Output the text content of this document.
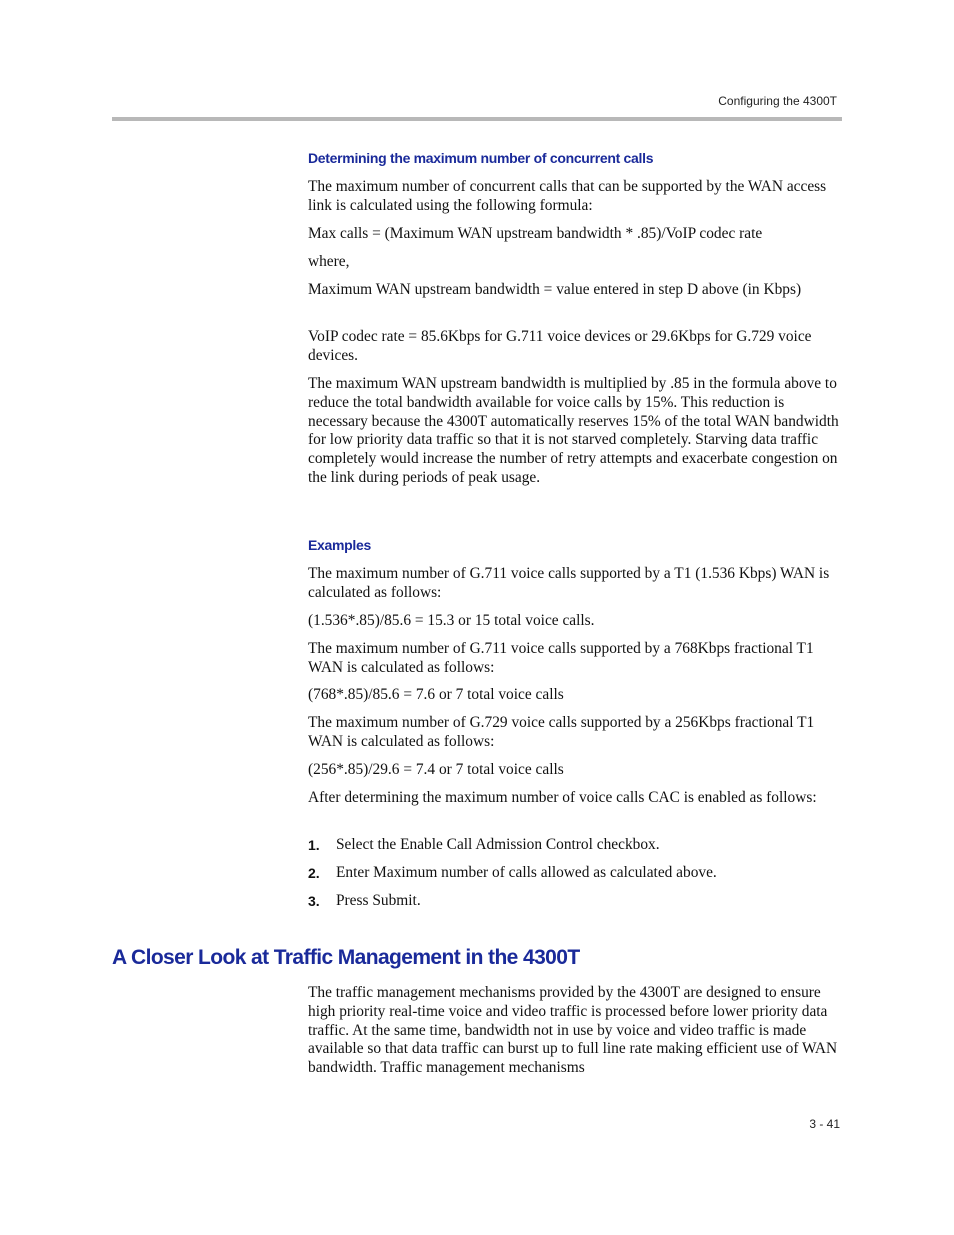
Configuring the 4300T
Determining the maximum number of concurrent calls

The maximum number of concurrent calls that can be supported by the WAN access link is calculated using the following formula:

Max calls = (Maximum WAN upstream bandwidth * .85)/VoIP codec rate

where,

Maximum WAN upstream bandwidth = value entered in step D above (in Kbps)

VoIP codec rate = 85.6Kbps for G.711 voice devices or 29.6Kbps for G.729 voice devices.

The maximum WAN upstream bandwidth is multiplied by .85 in the formula above to reduce the total bandwidth available for voice calls by 15%. This reduction is necessary because the 4300T automatically reserves 15% of the total WAN bandwidth for low priority data traffic so that it is not starved completely. Starving data traffic completely would increase the number of retry attempts and exacerbate congestion on the link during periods of peak usage.

Examples

The maximum number of G.711 voice calls supported by a T1 (1.536 Kbps) WAN is calculated as follows:

(1.536*.85)/85.6 = 15.3 or 15 total voice calls.

The maximum number of G.711 voice calls supported by a 768Kbps fractional T1 WAN is calculated as follows:

(768*.85)/85.6 = 7.6 or 7 total voice calls

The maximum number of G.729 voice calls supported by a 256Kbps fractional T1 WAN is calculated as follows:

(256*.85)/29.6 = 7.4 or 7 total voice calls

After determining the maximum number of voice calls CAC is enabled as follows:

1. Select the Enable Call Admission Control checkbox.
2. Enter Maximum number of calls allowed as calculated above.
3. Press Submit.
A Closer Look at Traffic Management in the 4300T

The traffic management mechanisms provided by the 4300T are designed to ensure high priority real-time voice and video traffic is processed before lower priority data traffic. At the same time, bandwidth not in use by voice and video traffic is made available so that data traffic can burst up to full line rate making efficient use of WAN bandwidth. Traffic management mechanisms

3 - 41
